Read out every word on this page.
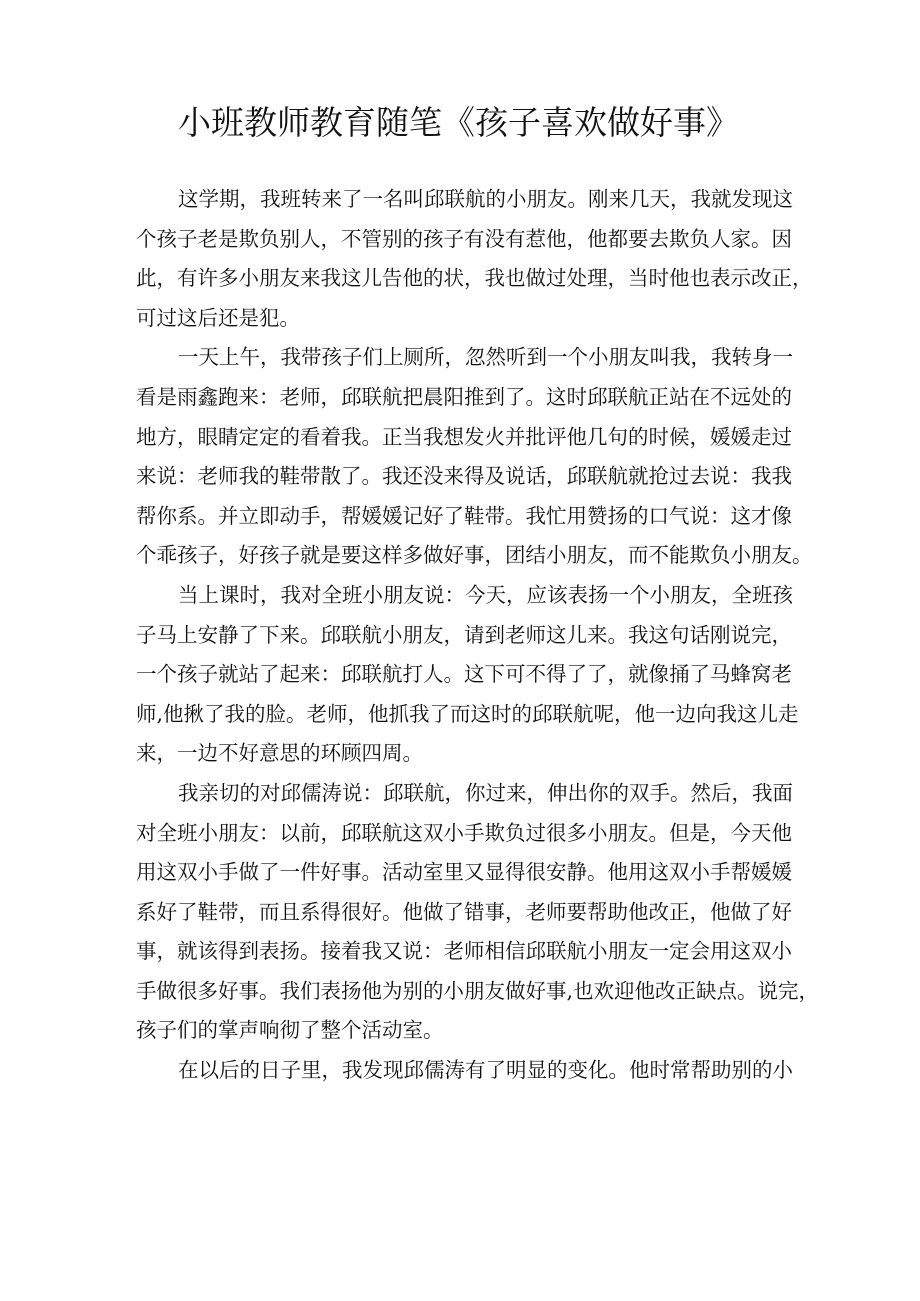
小班教师教育随笔《孩子喜欢做好事》
这学期，我班转来了一名叫邱联航的小朋友。刚来几天，我就发现这
个孩子老是欺负别人，不管别的孩子有没有惹他，他都要去欺负人家。因
此，有许多小朋友来我这儿告他的状，我也做过处理，当时他也表示改正，
可过这后还是犯。
一天上午，我带孩子们上厕所，忽然听到一个小朋友叫我，我转身一
看是雨鑫跑来：老师，邱联航把晨阳推到了。这时邱联航正站在不远处的
地方，眼睛定定的看着我。正当我想发火并批评他几句的时候，媛媛走过
来说：老师我的鞋带散了。我还没来得及说话，邱联航就抢过去说：我我
帮你系。并立即动手，帮媛媛记好了鞋带。我忙用赞扬的口气说：这才像
个乖孩子，好孩子就是要这样多做好事，团结小朋友，而不能欺负小朋友。
当上课时，我对全班小朋友说：今天，应该表扬一个小朋友，全班孩
子马上安静了下来。邱联航小朋友，请到老师这儿来。我这句话刚说完，
一个孩子就站了起来：邱联航打人。这下可不得了了，就像捅了马蜂窝老
师,他揪了我的脸。老师，他抓我了而这时的邱联航呢，他一边向我这儿走
来，一边不好意思的环顾四周。
我亲切的对邱儒涛说：邱联航，你过来，伸出你的双手。然后，我面
对全班小朋友：以前，邱联航这双小手欺负过很多小朋友。但是，今天他
用这双小手做了一件好事。活动室里又显得很安静。他用这双小手帮媛媛
系好了鞋带，而且系得很好。他做了错事，老师要帮助他改正，他做了好
事，就该得到表扬。接着我又说：老师相信邱联航小朋友一定会用这双小
手做很多好事。我们表扬他为别的小朋友做好事,也欢迎他改正缺点。说完，
孩子们的掌声响彻了整个活动室。
在以后的日子里，我发现邱儒涛有了明显的变化。他时常帮助别的小
